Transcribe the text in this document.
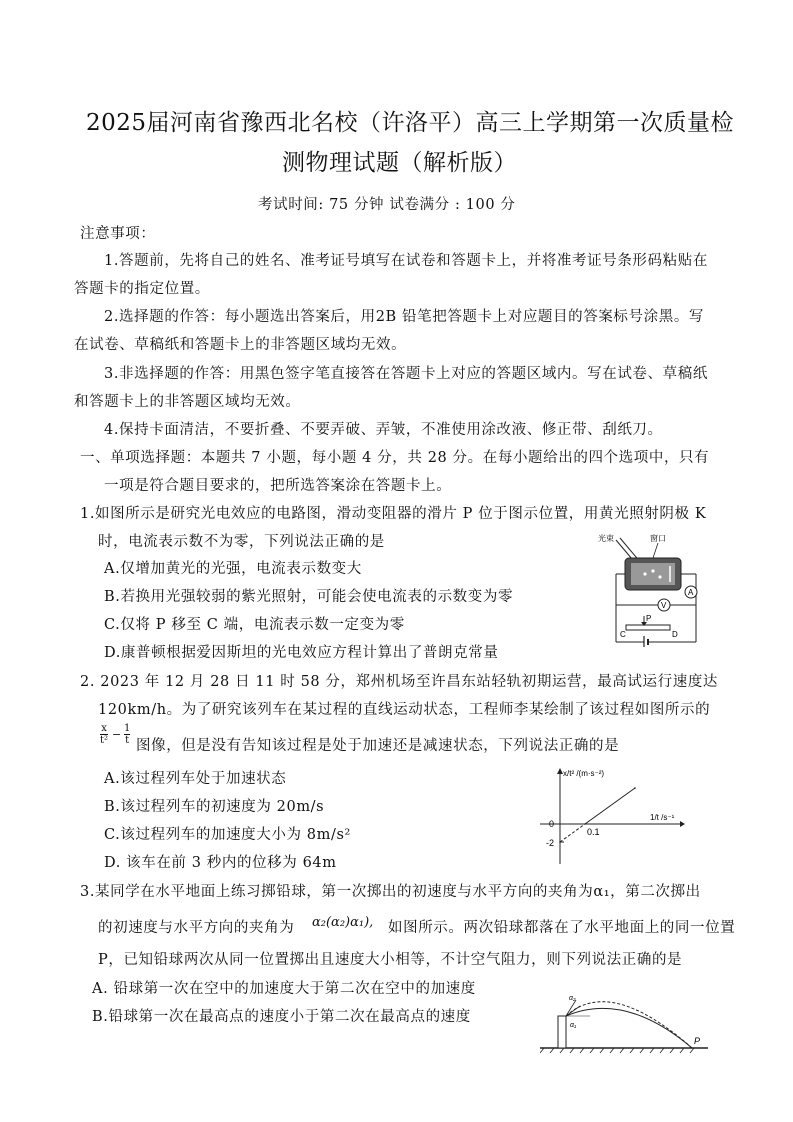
2025届河南省豫西北名校（许洛平）高三上学期第一次质量检
测物理试题（解析版）
考试时间: 75 分钟 试卷满分 : 100 分
注意事项：
1.答题前，先将自己的姓名、准考证号填写在试卷和答题卡上，并将准考证号条形码粘贴在
答题卡的指定位置。
2.选择题的作答：每小题选出答案后，用2B 铅笔把答题卡上对应题目的答案标号涂黑。写
在试卷、草稿纸和答题卡上的非答题区域均无效。
3.非选择题的作答：用黑色签字笔直接答在答题卡上对应的答题区域内。写在试卷、草稿纸
和答题卡上的非答题区域均无效。
4.保持卡面清洁，不要折叠、不要弄破、弄皱，不准使用涂改液、修正带、刮纸刀。
一、单项选择题：本题共 7 小题，每小题 4 分，共 28 分。在每小题给出的四个选项中，只有
一项是符合题目要求的，把所选答案涂在答题卡上。
1.如图所示是研究光电效应的电路图，滑动变阻器的滑片 P 位于图示位置，用黄光照射阴极 K
时，电流表示数不为零，下列说法正确的是
A.仅增加黄光的光强，电流表示数变大
B.若换用光强较弱的紫光照射，可能会使电流表的示数变为零
C.仅将 P 移至 C 端，电流表示数一定变为零
D.康普顿根据爱因斯坦的光电效应方程计算出了普朗克常量
光束	窗口
A
V
P
C	D
2. 2023 年 12 月 28 日 11 时 58 分，郑州机场至许昌东站轻轨初期运营，最高试运行速度达
120km/h。为了研究该列车在某过程的直线运动状态，工程师李某绘制了该过程如图所示的
$\frac{x}{\text{t²}} - \frac{1}{t}$ 图像，但是没有告知该过程是处于加速还是减速状态，下列说法正确的是
A.该过程列车处于加速状态
B.该过程列车的初速度为 20m/s
C.该过程列车的加速度大小为 8m/s²
D. 该车在前 3 秒内的位移为 64m
0.1
0
-2
x/t² /(m·s⁻²)
1/t /s⁻¹
3.某同学在水平地面上练习掷铅球，第一次掷出的初速度与水平方向的夹角为α₁，第二次掷出
的初速度与水平方向的夹角为 α₂(α₂)α₁), 如图所示。两次铅球都落在了水平地面上的同一位置
P，已知铅球两次从同一位置掷出且速度大小相等，不计空气阻力，则下列说法正确的是
A. 铅球第一次在空中的加速度大于第二次在空中的加速度
B.铅球第一次在最高点的速度小于第二次在最高点的速度
α₂
α₁
P
